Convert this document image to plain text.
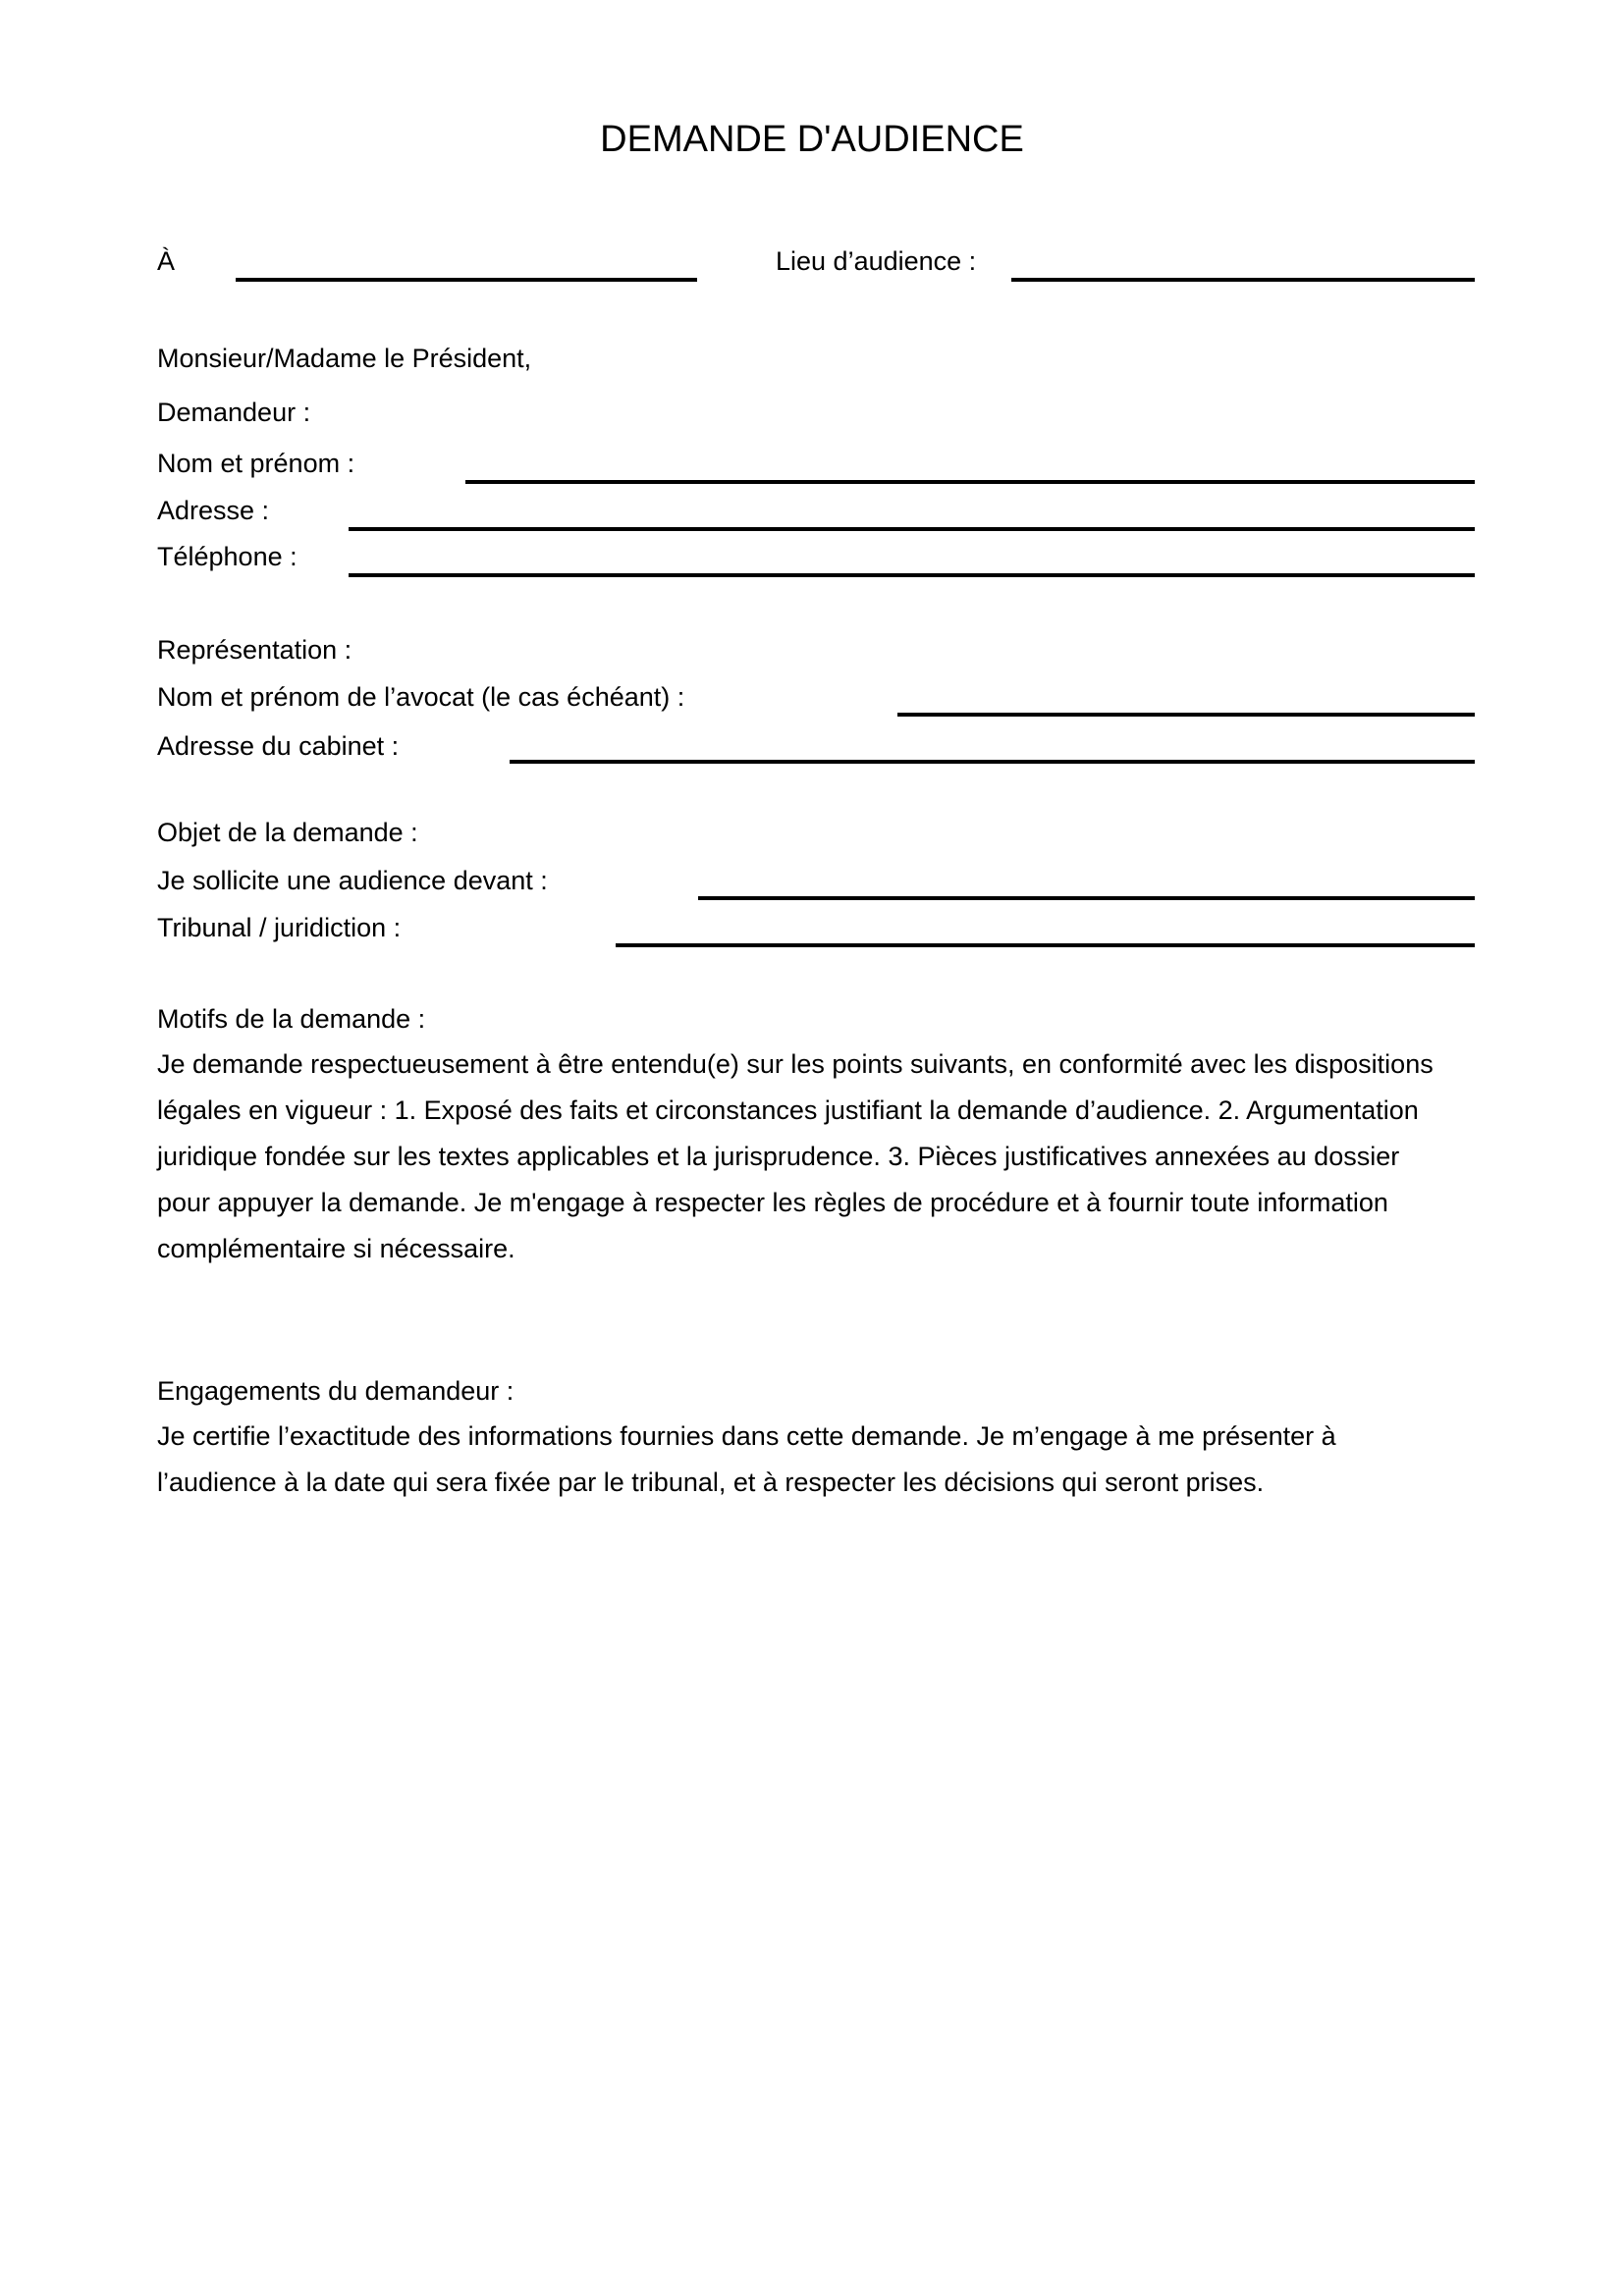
DEMANDE D'AUDIENCE
À	Lieu d’audience :
Monsieur/Madame le Président,
Demandeur :
Nom et prénom :
Adresse :
Téléphone :
Représentation :
Nom et prénom de l’avocat (le cas échéant) :
Adresse du cabinet :
Objet de la demande :
Je sollicite une audience devant :
Tribunal / juridiction :
Motifs de la demande :
Je demande respectueusement à être entendu(e) sur les points suivants, en conformité avec les dispositions
légales en vigueur : 1. Exposé des faits et circonstances justifiant la demande d’audience. 2. Argumentation
juridique fondée sur les textes applicables et la jurisprudence. 3. Pièces justificatives annexées au dossier
pour appuyer la demande. Je m'engage à respecter les règles de procédure et à fournir toute information
complémentaire si nécessaire.
Engagements du demandeur :
Je certifie l’exactitude des informations fournies dans cette demande. Je m’engage à me présenter à
l’audience à la date qui sera fixée par le tribunal, et à respecter les décisions qui seront prises.
